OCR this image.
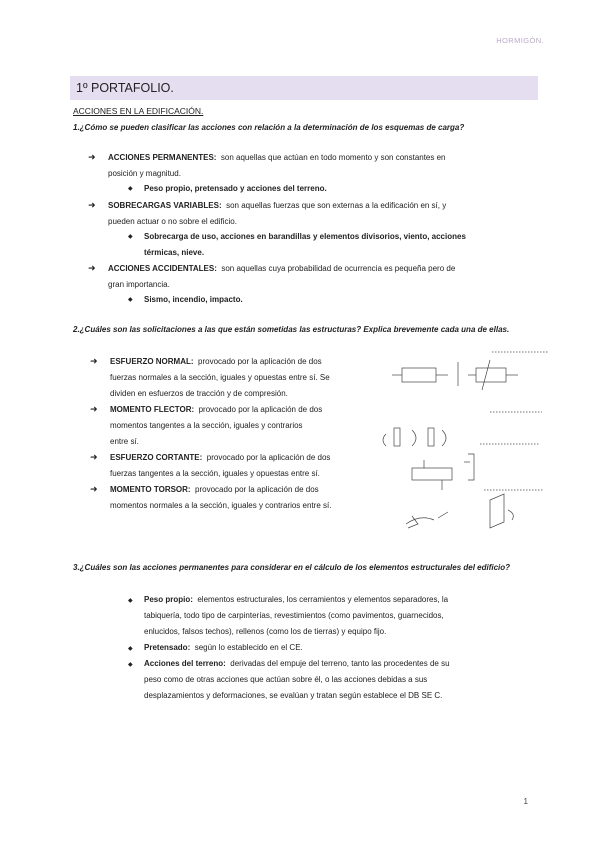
HORMIGÓN.
1º PORTAFOLIO.
ACCIONES EN LA EDIFICACIÓN.
1.¿Cómo se pueden clasificar las acciones con relación a la determinación de los esquemas de carga?
➜ ACCIONES PERMANENTES: son aquellas que actúan en todo momento y son constantes en
posición y magnitud.
◆ Peso propio, pretensado y acciones del terreno.
➜ SOBRECARGAS VARIABLES: son aquellas fuerzas que son externas a la edificación en sí, y
pueden actuar o no sobre el edificio.
◆ Sobrecarga de uso, acciones en barandillas y elementos divisorios, viento, acciones
térmicas, nieve.
➜ ACCIONES ACCIDENTALES: son aquellas cuya probabilidad de ocurrencia es pequeña pero de
gran importancia.
◆ Sismo, incendio, impacto.
2.¿Cuáles son las solicitaciones a las que están sometidas las estructuras? Explica brevemente cada una de ellas.
➜ ESFUERZO NORMAL: provocado por la aplicación de dos
fuerzas normales a la sección, iguales y opuestas entre sí. Se
dividen en esfuerzos de tracción y de compresión.
➜ MOMENTO FLECTOR: provocado por la aplicación de dos
momentos tangentes a la sección, iguales y contrarios
entre sí.
➜ ESFUERZO CORTANTE: provocado por la aplicación de dos
fuerzas tangentes a la sección, iguales y opuestas entre sí.
➜ MOMENTO TORSOR: provocado por la aplicación de dos
momentos normales a la sección, iguales y contrarios entre sí.
3.¿Cuáles son las acciones permanentes para considerar en el cálculo de los elementos estructurales del edificio?
◆ Peso propio: elementos estructurales, los cerramientos y elementos separadores, la
tabiquería, todo tipo de carpinterías, revestimientos (como pavimentos, guarnecidos,
enlucidos, falsos techos), rellenos (como los de tierras) y equipo fijo.
◆ Pretensado: según lo establecido en el CE.
◆ Acciones del terreno: derivadas del empuje del terreno, tanto las procedentes de su
peso como de otras acciones que actúan sobre él, o las acciones debidas a sus
desplazamientos y deformaciones, se evalúan y tratan según establece el DB SE C.
1
